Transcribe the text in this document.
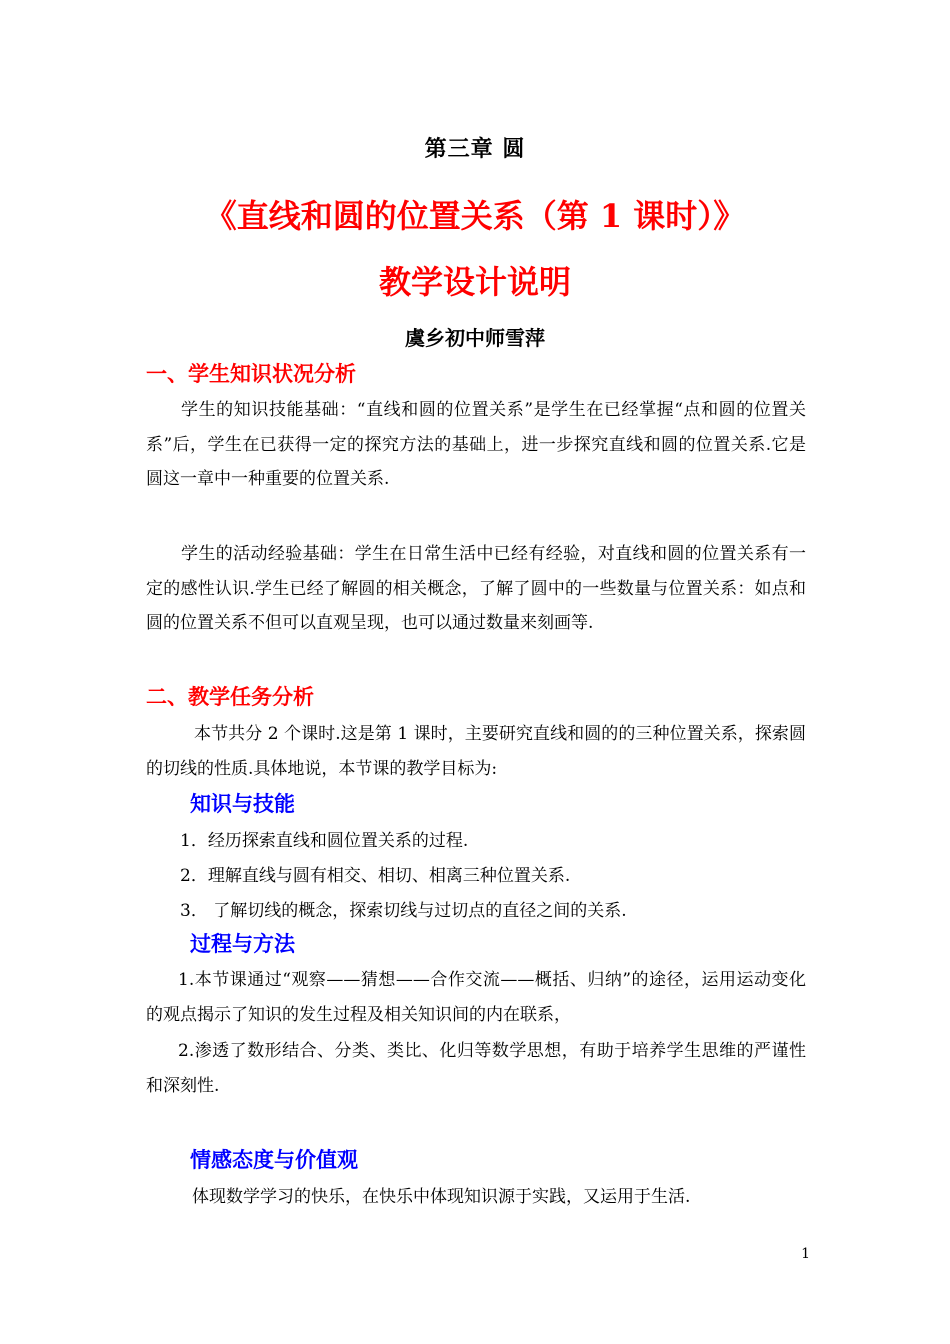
第三章 圆
《直线和圆的位置关系（第 1 课时）》
教学设计说明
虞乡初中师雪萍
一、学生知识状况分析
学生的知识技能基础：“直线和圆的位置关系”是学生在已经掌握“点和圆的位置关系”后，学生在已获得一定的探究方法的基础上，进一步探究直线和圆的位置关系.它是圆这一章中一种重要的位置关系.
学生的活动经验基础：学生在日常生活中已经有经验，对直线和圆的位置关系有一定的感性认识.学生已经了解圆的相关概念，了解了圆中的一些数量与位置关系：如点和圆的位置关系不但可以直观呈现，也可以通过数量来刻画等.
二、教学任务分析
本节共分 2 个课时.这是第 1 课时，主要研究直线和圆的的三种位置关系，探索圆的切线的性质.具体地说，本节课的教学目标为:
知识与技能
1．经历探索直线和圆位置关系的过程.
2．理解直线与圆有相交、相切、相离三种位置关系.
3． 了解切线的概念，探索切线与过切点的直径之间的关系.
过程与方法
1.本节课通过“观察——猜想——合作交流——概括、归纳”的途径，运用运动变化的观点揭示了知识的发生过程及相关知识间的内在联系，
2.渗透了数形结合、分类、类比、化归等数学思想，有助于培养学生思维的严谨性和深刻性.
情感态度与价值观
体现数学学习的快乐，在快乐中体现知识源于实践，又运用于生活.
1
